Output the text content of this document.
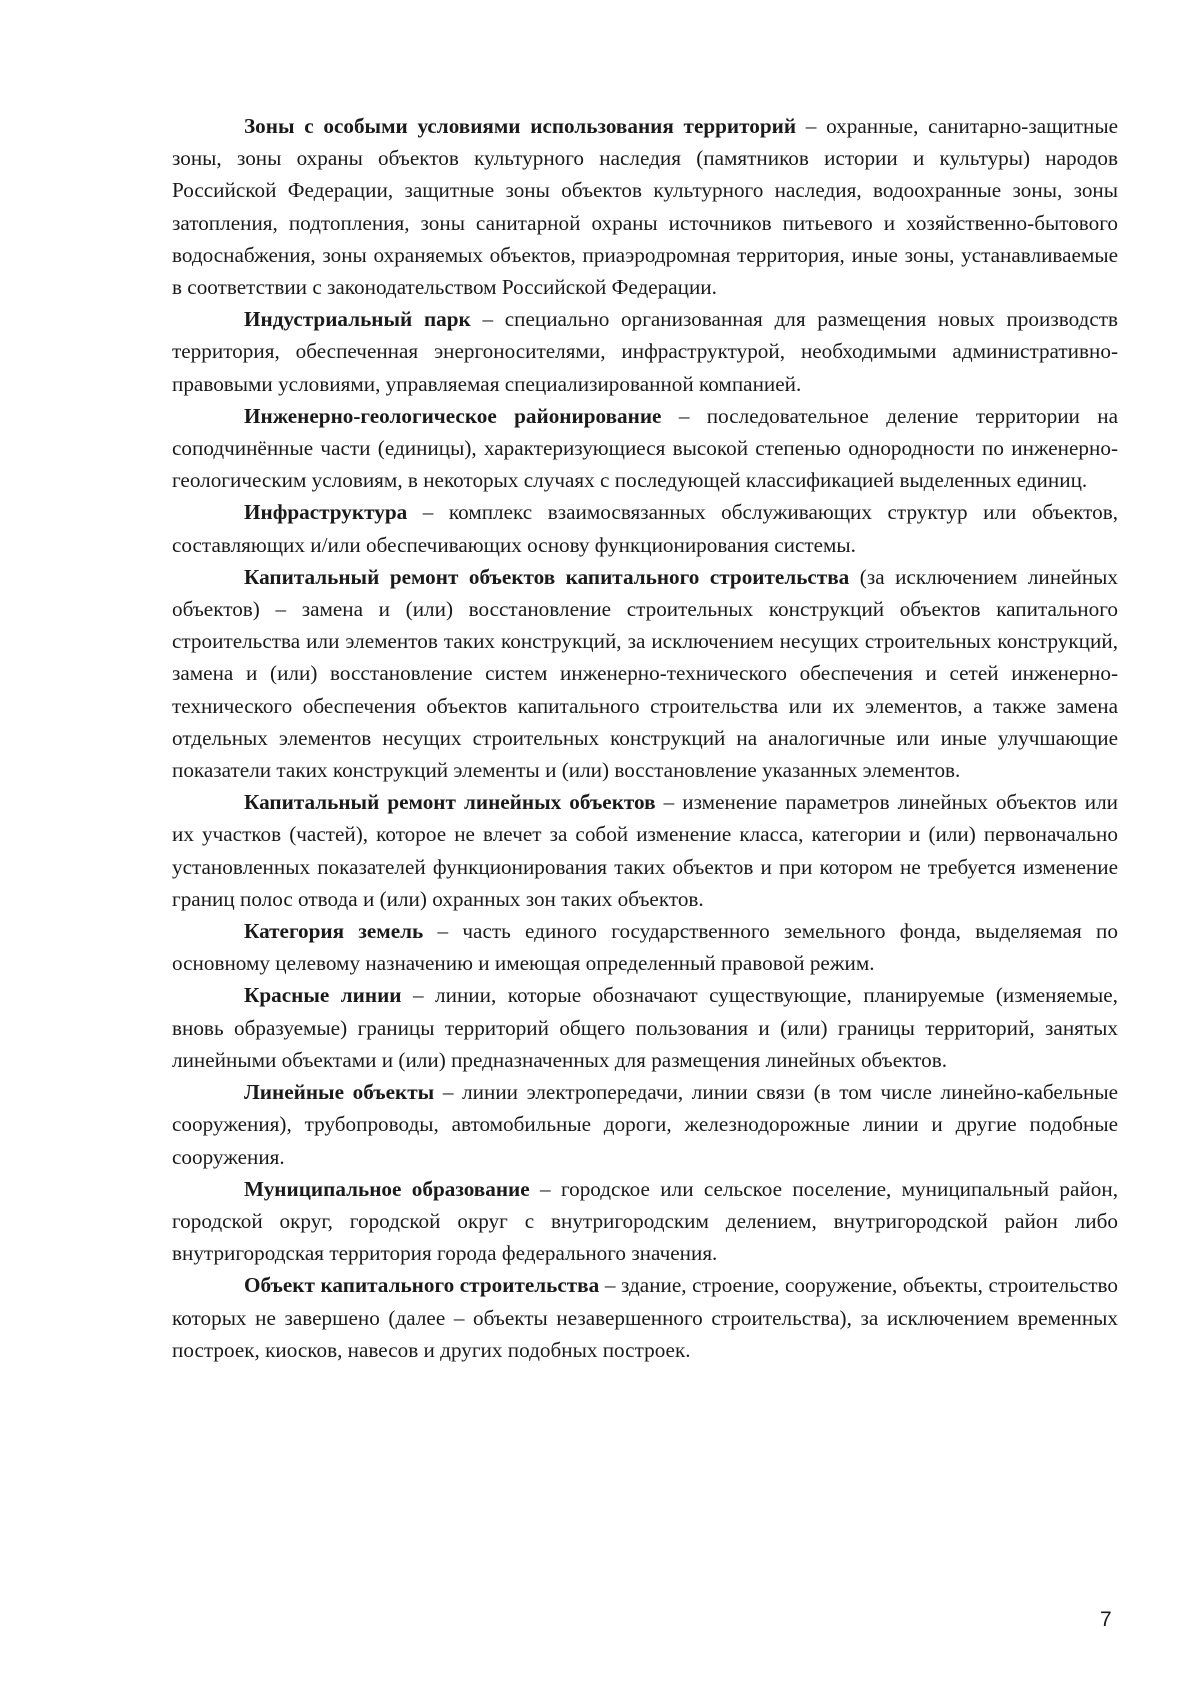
Зоны с особыми условиями использования территорий – охранные, санитарно-защитные зоны, зоны охраны объектов культурного наследия (памятников истории и культуры) народов Российской Федерации, защитные зоны объектов культурного наследия, водоохранные зоны, зоны затопления, подтопления, зоны санитарной охраны источников питьевого и хозяйственно-бытового водоснабжения, зоны охраняемых объектов, приаэродромная территория, иные зоны, устанавливаемые в соответствии с законодательством Российской Федерации.

Индустриальный парк – специально организованная для размещения новых производств территория, обеспеченная энергоносителями, инфраструктурой, необходимыми административно-правовыми условиями, управляемая специализированной компанией.

Инженерно-геологическое районирование – последовательное деление территории на соподчинённые части (единицы), характеризующиеся высокой степенью однородности по инженерно-геологическим условиям, в некоторых случаях с последующей классификацией выделенных единиц.

Инфраструктура – комплекс взаимосвязанных обслуживающих структур или объектов, составляющих и/или обеспечивающих основу функционирования системы.

Капитальный ремонт объектов капитального строительства (за исключением линейных объектов) – замена и (или) восстановление строительных конструкций объектов капитального строительства или элементов таких конструкций, за исключением несущих строительных конструкций, замена и (или) восстановление систем инженерно-технического обеспечения и сетей инженерно-технического обеспечения объектов капитального строительства или их элементов, а также замена отдельных элементов несущих строительных конструкций на аналогичные или иные улучшающие показатели таких конструкций элементы и (или) восстановление указанных элементов.

Капитальный ремонт линейных объектов – изменение параметров линейных объектов или их участков (частей), которое не влечет за собой изменение класса, категории и (или) первоначально установленных показателей функционирования таких объектов и при котором не требуется изменение границ полос отвода и (или) охранных зон таких объектов.

Категория земель – часть единого государственного земельного фонда, выделяемая по основному целевому назначению и имеющая определенный правовой режим.

Красные линии – линии, которые обозначают существующие, планируемые (изменяемые, вновь образуемые) границы территорий общего пользования и (или) границы территорий, занятых линейными объектами и (или) предназначенных для размещения линейных объектов.

Линейные объекты – линии электропередачи, линии связи (в том числе линейно-кабельные сооружения), трубопроводы, автомобильные дороги, железнодорожные линии и другие подобные сооружения.

Муниципальное образование – городское или сельское поселение, муниципальный район, городской округ, городской округ с внутригородским делением, внутригородской район либо внутригородская территория города федерального значения.

Объект капитального строительства – здание, строение, сооружение, объекты, строительство которых не завершено (далее – объекты незавершенного строительства), за исключением временных построек, киосков, навесов и других подобных построек.

7
